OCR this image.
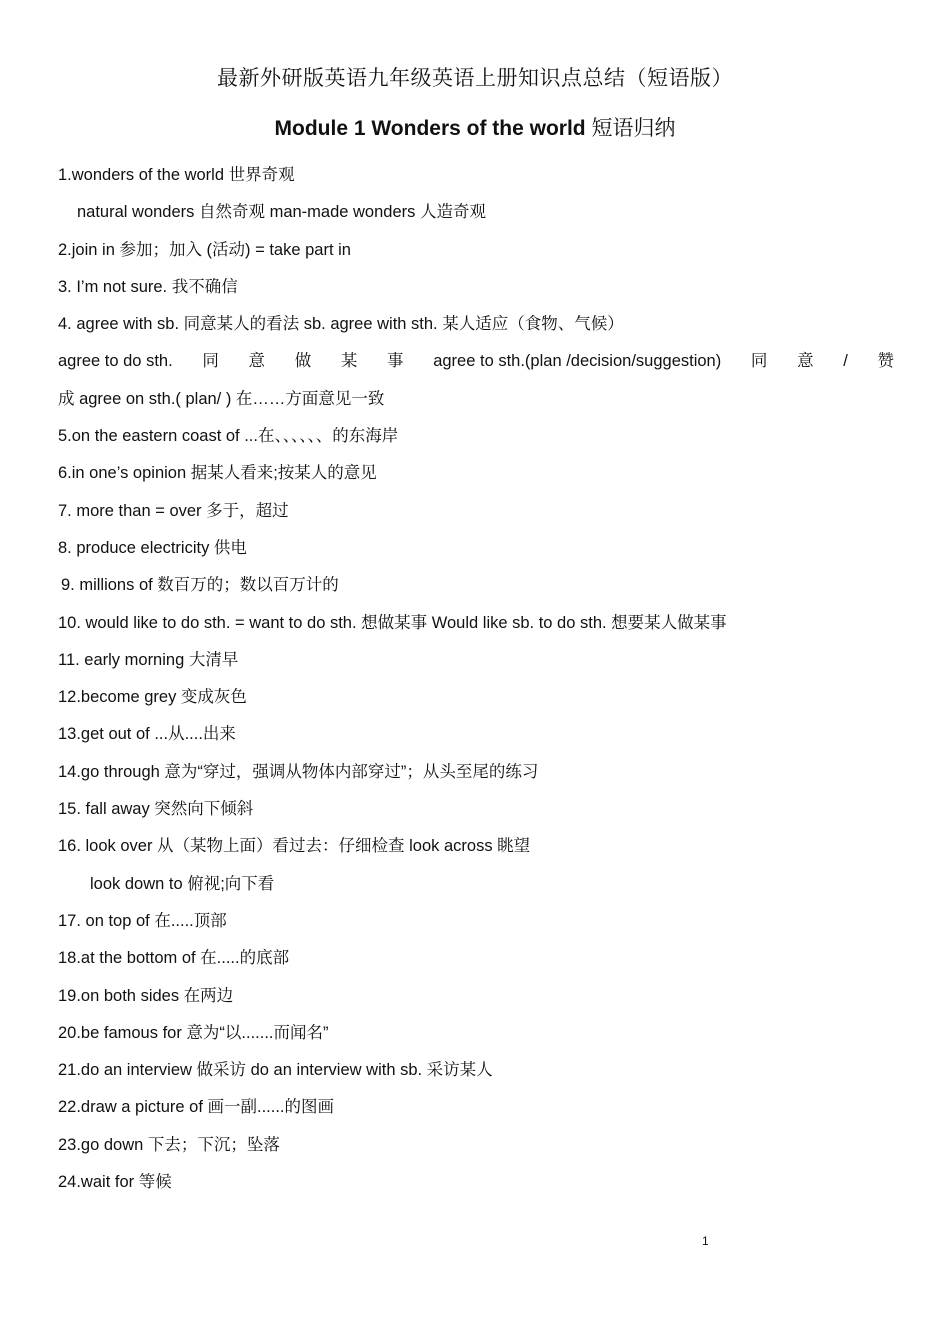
最新外研版英语九年级英语上册知识点总结（短语版）
Module 1 Wonders of the world 短语归纳
1.wonders of the world 世界奇观
natural wonders 自然奇观 man-made wonders 人造奇观
2.join in 参加；加入 (活动) = take part in
3. I’m not sure. 我不确信
4. agree with sb. 同意某人的看法 sb. agree with sth. 某人适应（食物、气候）
agree to do sth. 同 意 做 某 事 agree to sth.(plan /decision/suggestion) 同 意 / 赞
成 agree on sth.( plan/ ) 在……方面意见一致
5.on the eastern coast of ...在、、、、、、的东海岸
6.in one’s opinion 据某人看来;按某人的意见
7. more than = over 多于，超过
8. produce electricity 供电
9. millions of 数百万的；数以百万计的
10. would like to do sth. = want to do sth. 想做某事 Would like sb. to do sth. 想要某人做某事
11. early morning 大清早
12.become grey 变成灰色
13.get out of ...从....出来
14.go through 意为“穿过，强调从物体内部穿过”；从头至尾的练习
15. fall away 突然向下倾斜
16. look over 从（某物上面）看过去：仔细检查 look across 眺望
look down to 俯视;向下看
17. on top of 在.....顶部
18.at the bottom of 在.....的底部
19.on both sides 在两边
20.be famous for 意为“以.......而闻名”
21.do an interview 做采访 do an interview with sb. 采访某人
22.draw a picture of 画一副......的图画
23.go down 下去；下沉；坠落
24.wait for 等候
1
